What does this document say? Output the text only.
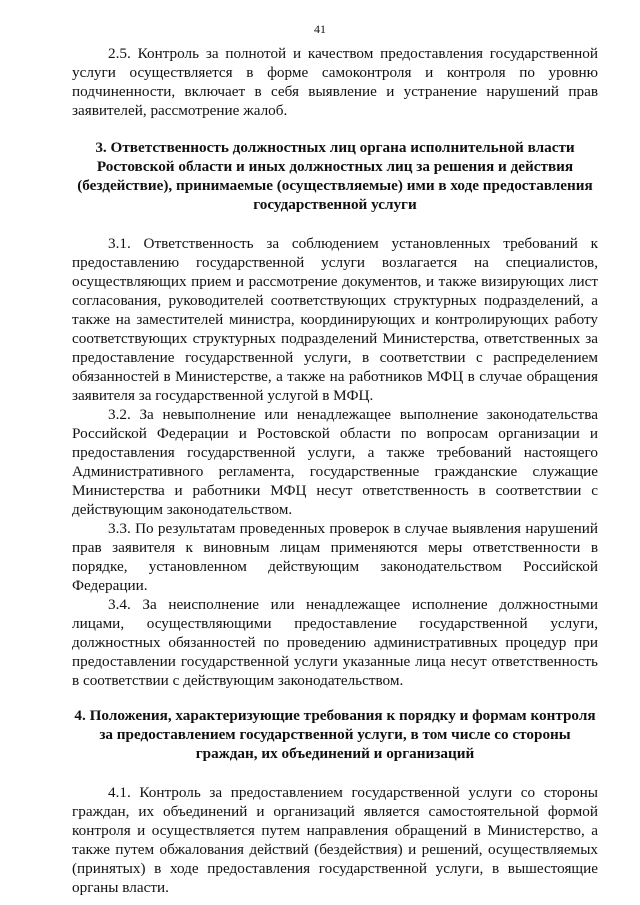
41

2.5. Контроль за полнотой и качеством предоставления государственной услуги осуществляется в форме самоконтроля и контроля по уровню подчиненности, включает в себя выявление и устранение нарушений прав заявителей, рассмотрение жалоб.

3. Ответственность должностных лиц органа исполнительной власти Ростовской области и иных должностных лиц за решения и действия (бездействие), принимаемые (осуществляемые) ими в ходе предоставления государственной услуги

3.1. Ответственность за соблюдением установленных требований к предоставлению государственной услуги возлагается на специалистов, осуществляющих прием и рассмотрение документов, и также визирующих лист согласования, руководителей соответствующих структурных подразделений, а также на заместителей министра, координирующих и контролирующих работу соответствующих структурных подразделений Министерства, ответственных за предоставление государственной услуги, в соответствии с распределением обязанностей в Министерстве, а также на работников МФЦ в случае обращения заявителя за государственной услугой в МФЦ.

3.2. За невыполнение или ненадлежащее выполнение законодательства Российской Федерации и Ростовской области по вопросам организации и предоставления государственной услуги, а также требований настоящего Административного регламента, государственные гражданские служащие Министерства и работники МФЦ несут ответственность в соответствии с действующим законодательством.

3.3. По результатам проведенных проверок в случае выявления нарушений прав заявителя к виновным лицам применяются меры ответственности в порядке, установленном действующим законодательством Российской Федерации.

3.4. За неисполнение или ненадлежащее исполнение должностными лицами, осуществляющими предоставление государственной услуги, должностных обязанностей по проведению административных процедур при предоставлении государственной услуги указанные лица несут ответственность в соответствии с действующим законодательством.

4. Положения, характеризующие требования к порядку и формам контроля за предоставлением государственной услуги, в том числе со стороны граждан, их объединений и организаций

4.1. Контроль за предоставлением государственной услуги со стороны граждан, их объединений и организаций является самостоятельной формой контроля и осуществляется путем направления обращений в Министерство, а также путем обжалования действий (бездействия) и решений, осуществляемых (принятых) в ходе предоставления государственной услуги, в вышестоящие органы власти.
